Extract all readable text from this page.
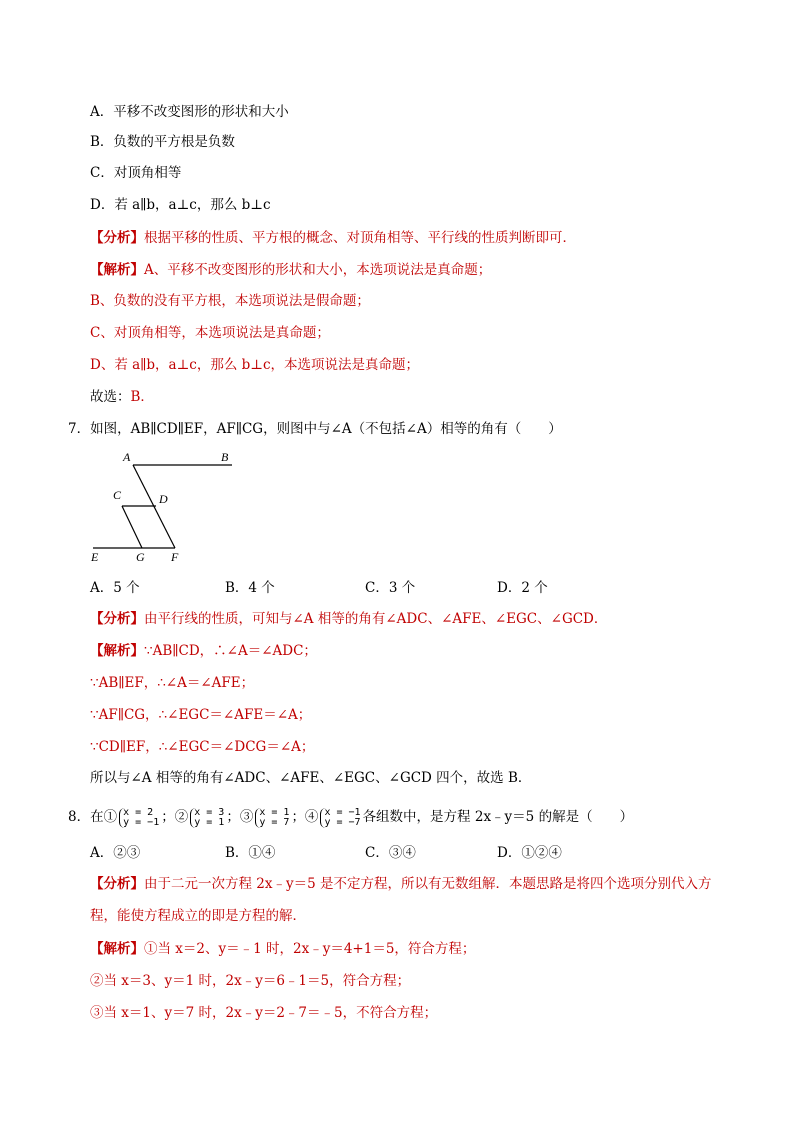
A．平移不改变图形的形状和大小
B．负数的平方根是负数
C．对顶角相等
D．若 a∥b，a⊥c，那么 b⊥c
【分析】根据平移的性质、平方根的概念、对顶角相等、平行线的性质判断即可．
【解析】A、平移不改变图形的形状和大小，本选项说法是真命题；
B、负数的没有平方根，本选项说法是假命题；
C、对顶角相等，本选项说法是真命题；
D、若 a∥b，a⊥c，那么 b⊥c，本选项说法是真命题；
故选：B．
7．如图，AB∥CD∥EF，AF∥CG，则图中与∠A（不包括∠A）相等的角有（　　）
A	B
C	D
E	G F
A．5 个	B．4 个	C．3 个	D．2 个
【分析】由平行线的性质，可知与∠A 相等的角有∠ADC、∠AFE、∠EGC、∠GCD．
【解析】∵AB∥CD，∴∠A＝∠ADC；
∵AB∥EF，∴∠A＝∠AFE；
∵AF∥CG，∴∠EGC＝∠AFE＝∠A；
∵CD∥EF，∴∠EGC＝∠DCG＝∠A；
所以与∠A 相等的角有∠ADC、∠AFE、∠EGC、∠GCD 四个，故选 B．
8．在① x = 2
y = −1 ；② x = 3
y = 1 ；③ x = 1
y = 7 ；④ x = −1
y = −7 各组数中，是方程 2x﹣y＝5 的解是（　　）
A．②③	B．①④	C．③④	D．①②④
【分析】由于二元一次方程 2x﹣y＝5 是不定方程，所以有无数组解．本题思路是将四个选项分别代入方
程，能使方程成立的即是方程的解．
【解析】①当 x＝2、y＝﹣1 时，2x﹣y＝4+1＝5，符合方程；
②当 x＝3、y＝1 时，2x﹣y＝6﹣1＝5，符合方程；
③当 x＝1、y＝7 时，2x﹣y＝2﹣7＝﹣5，不符合方程；
